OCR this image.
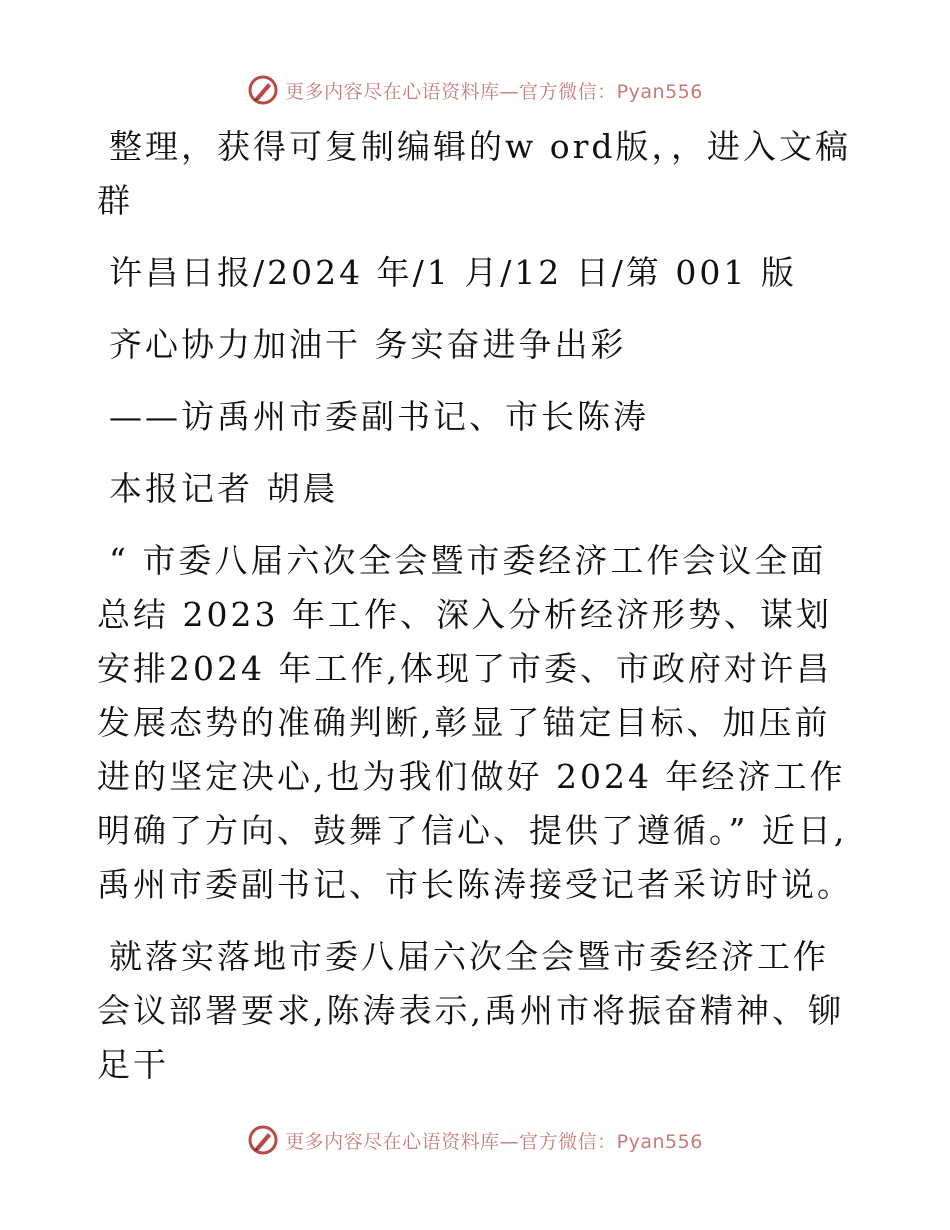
更多内容尽在心语资料库—官方微信：Pyan556

整理，获得可复制编辑的w ord版，，进入文稿群

许昌日报/2024 年/1 月/12 日/第 001 版

齐心协力加油干 务实奋进争出彩

——访禹州市委副书记、市长陈涛

本报记者 胡晨

“ 市委八届六次全会暨市委经济工作会议全面总结 2023 年工作、深入分析经济形势、谋划安排2024 年工作,体现了市委、市政府对许昌发展态势的准确判断,彰显了锚定目标、加压前进的坚定决心,也为我们做好 2024 年经济工作明确了方向、鼓舞了信心、提供了遵循。” 近日,禹州市委副书记、市长陈涛接受记者采访时说。

就落实落地市委八届六次全会暨市委经济工作会议部署要求,陈涛表示,禹州市将振奋精神、铆足干

更多内容尽在心语资料库—官方微信：Pyan556
